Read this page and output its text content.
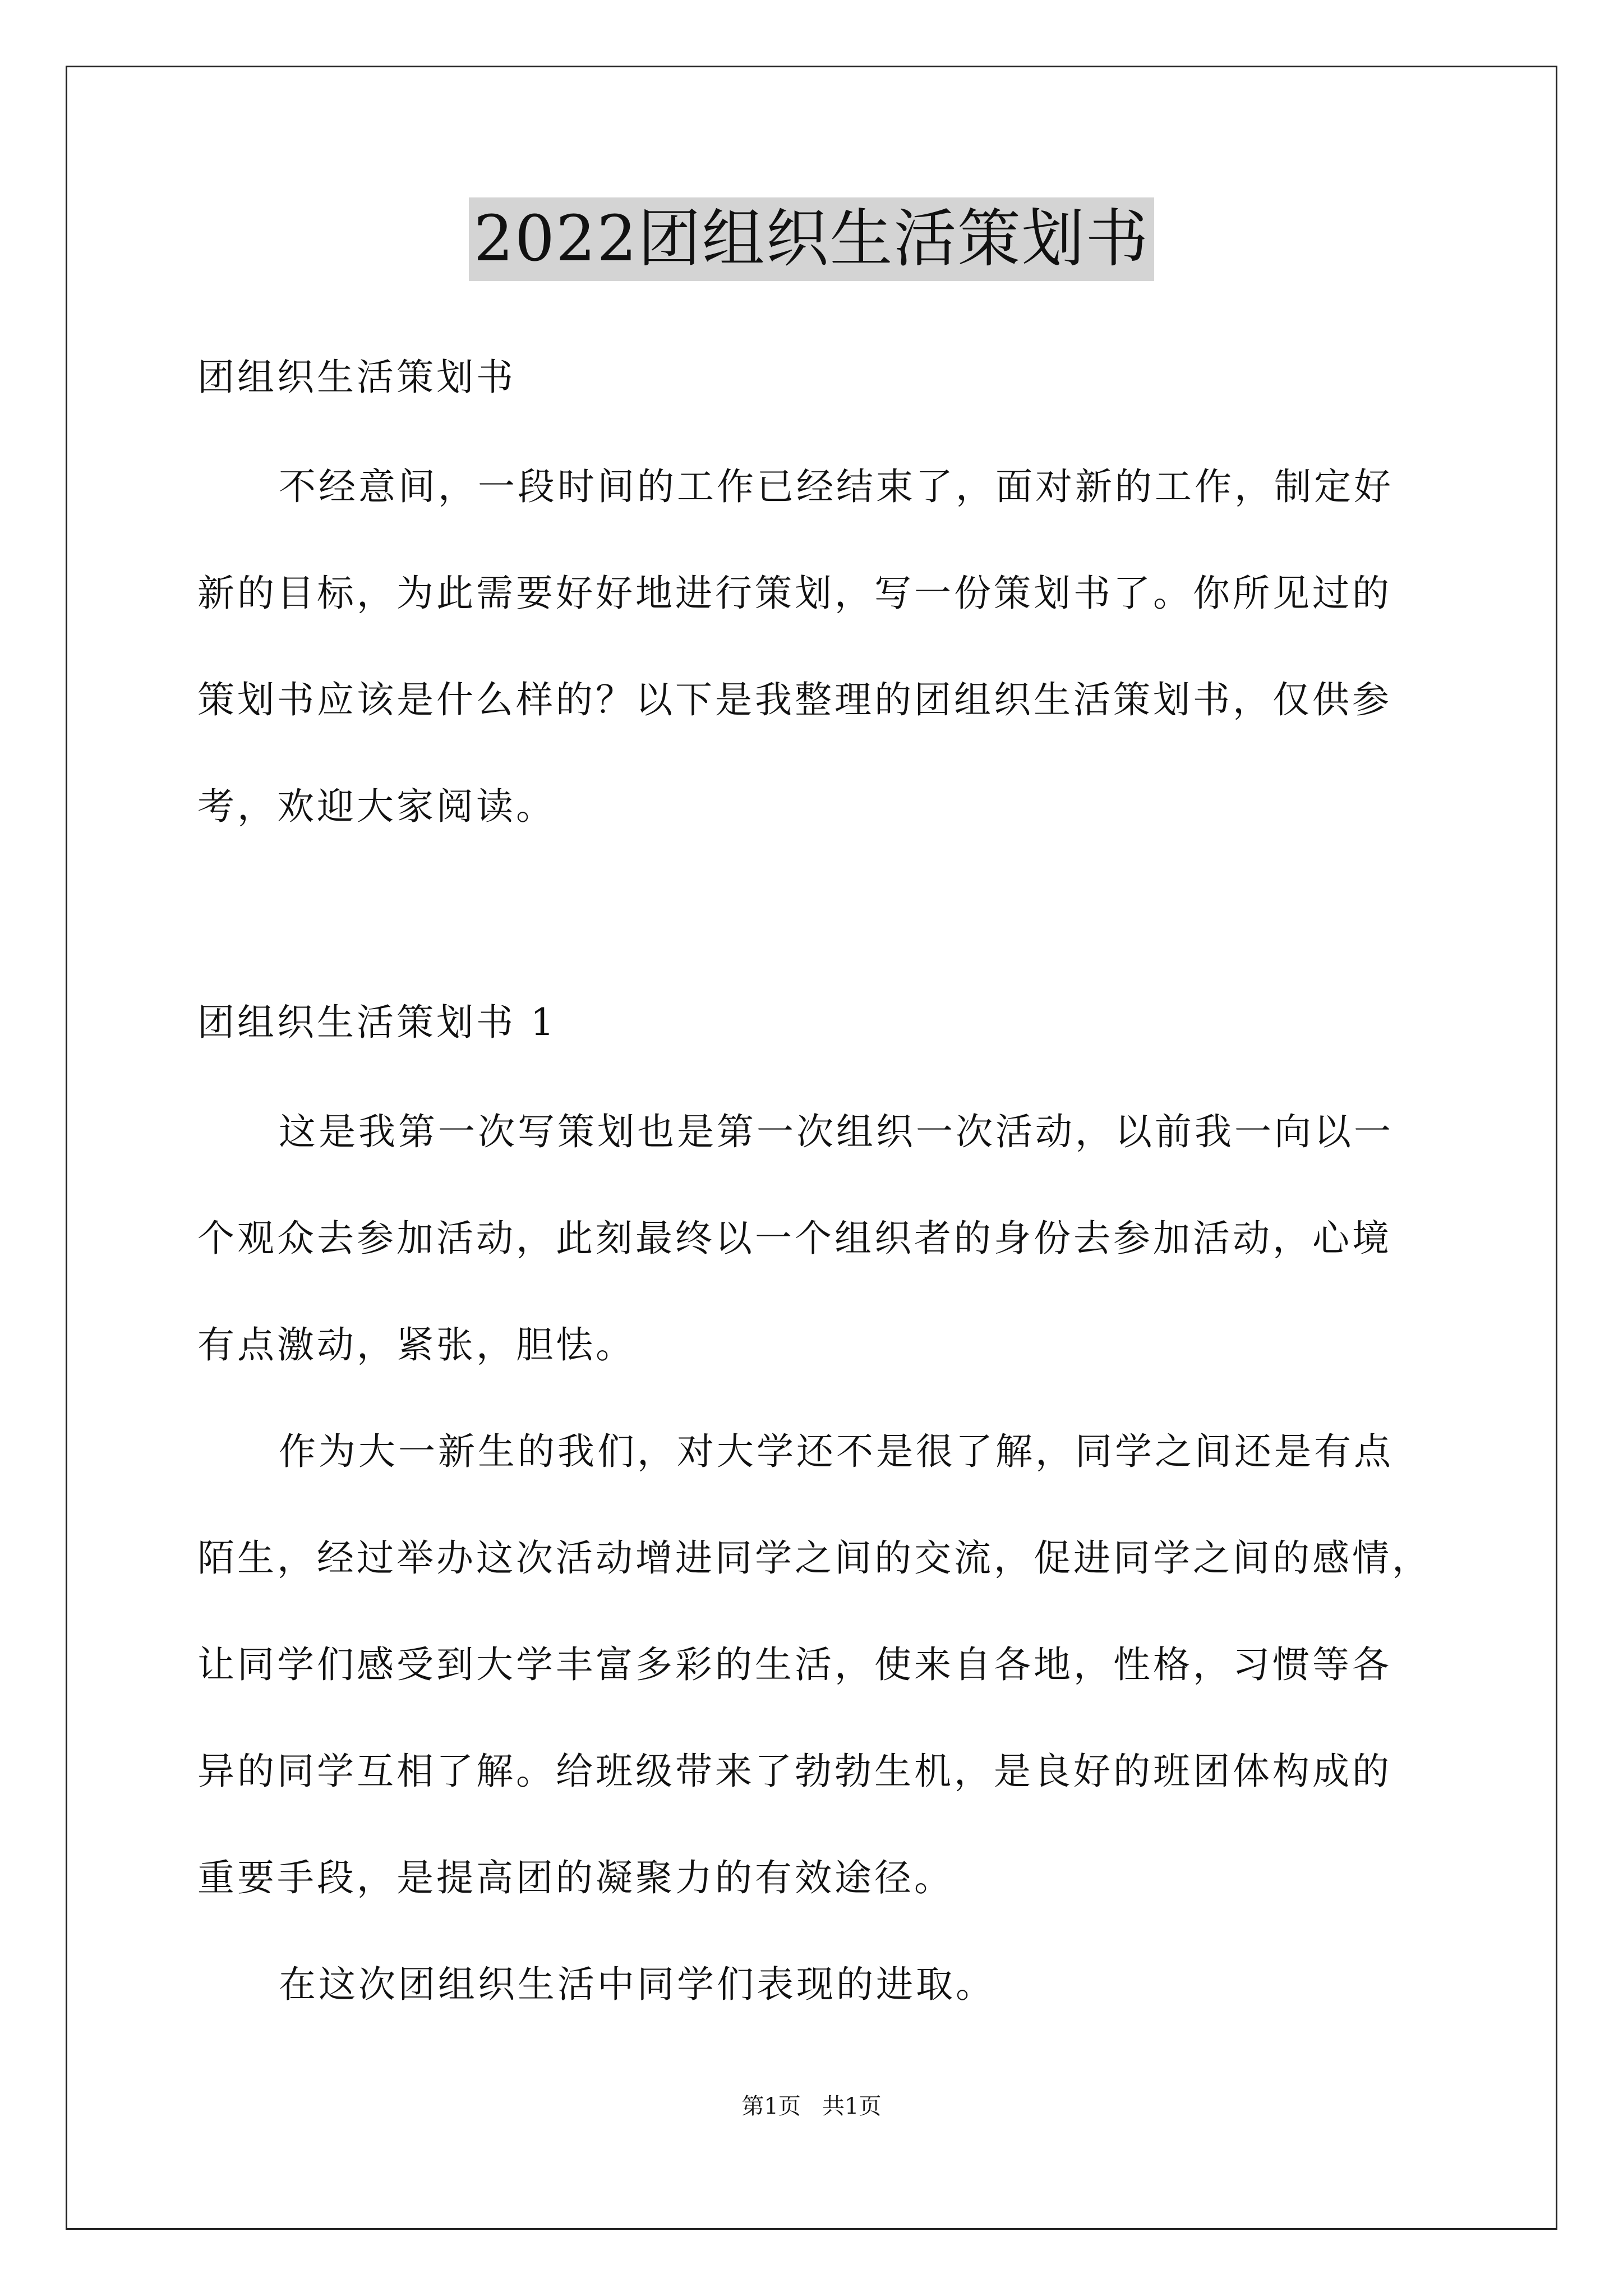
2022团组织生活策划书
团组织生活策划书
不经意间，一段时间的工作已经结束了，面对新的工作，制定好
新的目标，为此需要好好地进行策划，写一份策划书了。你所见过的
策划书应该是什么样的？以下是我整理的团组织生活策划书，仅供参
考，欢迎大家阅读。
团组织生活策划书 1
这是我第一次写策划也是第一次组织一次活动，以前我一向以一
个观众去参加活动，此刻最终以一个组织者的身份去参加活动，心境
有点激动，紧张，胆怯。
作为大一新生的我们，对大学还不是很了解，同学之间还是有点
陌生，经过举办这次活动增进同学之间的交流，促进同学之间的感情，
让同学们感受到大学丰富多彩的生活，使来自各地，性格，习惯等各
异的同学互相了解。给班级带来了勃勃生机，是良好的班团体构成的
重要手段，是提高团的凝聚力的有效途径。
在这次团组织生活中同学们表现的进取。
第1页   共1页
